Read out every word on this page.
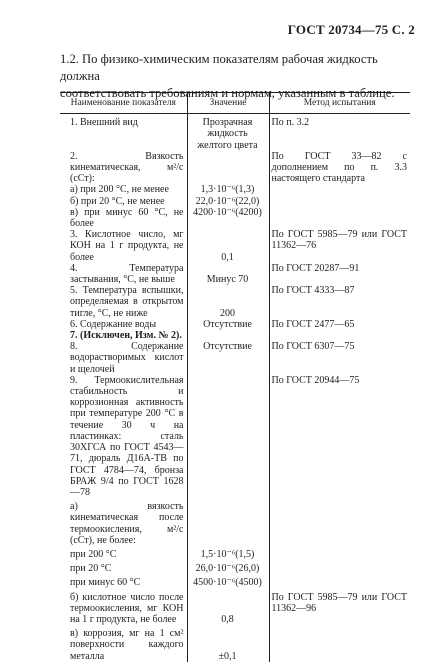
ГОСТ 20734—75 С. 2
1.2. По физико-химическим показателям рабочая жидкость должна
соответствовать требованиям и нормам, указанным в таблице.
Наименование показателя	Значение	Метод испытания

1. Внешний вид	Прозрачная жидкость желтого цвета	По п. 3.2

2. Вязкость кинематическая, м²/с (сСт):		По ГОСТ 33—82 с дополнением по п. 3.3 настоящего стандарта

а) при 200 °С, не менее	1,3·10⁻⁶(1,3)	

б) при 20 °С, не менее	22,0·10⁻⁶(22,0)	

в) при минус 60 °С, не более	4200·10⁻⁶(4200)	

3. Кислотное число, мг КОН на 1 г продукта, не более	0,1	По ГОСТ 5985—79 или ГОСТ 11362—76

4. Температура застывания, °С, не выше	Минус 70	По ГОСТ 20287—91

5. Температура вспышки, определяемая в открытом тигле, °С, не ниже	200	По ГОСТ 4333—87

6. Содержание воды	Отсутствие	По ГОСТ 2477—65

7. (Исключен, Изм. № 2).		

8. Содержание водорастворимых кислот и щелочей	Отсутствие	По ГОСТ 6307—75

9. Термоокислительная стабильность и коррозионная активность при температуре 200 °С в течение 30 ч на пластинках: сталь 30ХГСА по ГОСТ 4543—71, дюраль Д16А-ТВ по ГОСТ 4784—74, бронза БРАЖ 9/4 по ГОСТ 1628—78		По ГОСТ 20944—75

а) вязкость кинематическая после термоокисления, м²/с (сСт), не более:		

при 200 °С	1,5·10⁻⁶(1,5)	

при 20 °С	26,0·10⁻⁶(26,0)	

при минус 60 °С	4500·10⁻⁶(4500)	

б) кислотное число после термоокисления, мг КОН на 1 г продукта, не более	0,8	По ГОСТ 5985—79 или ГОСТ 11362—96

в) коррозия, мг на 1 см² поверхности каждого металла	±0,1	
